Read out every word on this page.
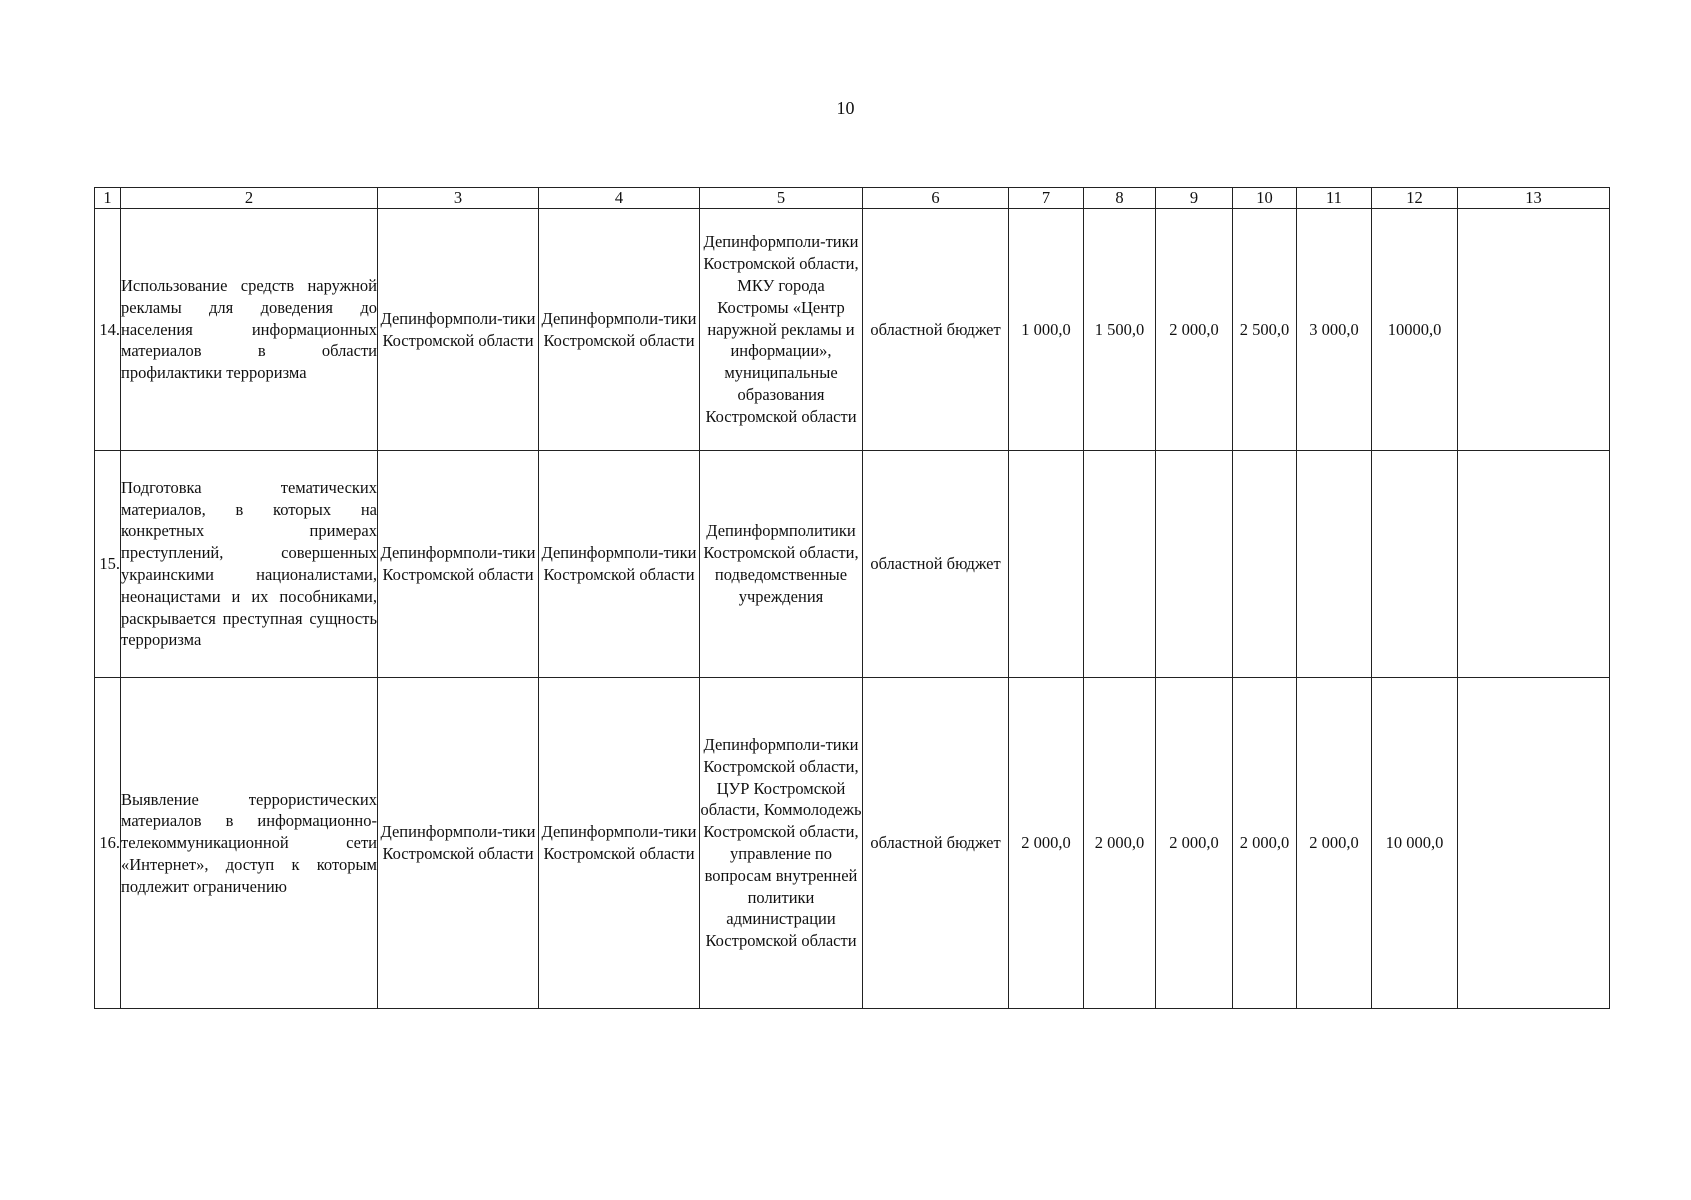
10
1	2	3	4	5	6	7	8	9	10	11	12	13
14.	Использование средств наружной рекламы для доведения до населения информационных материалов в области профилактики терроризма	Депинформполи-тики Костромской области	Депинформполи-тики Костромской области	Депинформполи-тики Костромской области, МКУ города Костромы «Центр наружной рекламы и информации», муниципальные образования Костромской области	областной бюджет	1 000,0	1 500,0	2 000,0	2 500,0	3 000,0	10000,0	
15.	Подготовка тематических материалов, в которых на конкретных примерах преступлений, совершенных украинскими националистами, неонацистами и их пособниками, раскрывается преступная сущность терроризма	Депинформполи-тики Костромской области	Депинформполи-тики Костромской области	Депинформполитики Костромской области, подведомственные учреждения	областной бюджет							
16.	Выявление террористических материалов в информационно-телекоммуникационной сети «Интернет», доступ к которым подлежит ограничению	Депинформполи-тики Костромской области	Депинформполи-тики Костромской области	Депинформполи-тики Костромской области, ЦУР Костромской области, Коммолодежь Костромской области, управление по вопросам внутренней политики администрации Костромской области	областной бюджет	2 000,0	2 000,0	2 000,0	2 000,0	2 000,0	10 000,0	
